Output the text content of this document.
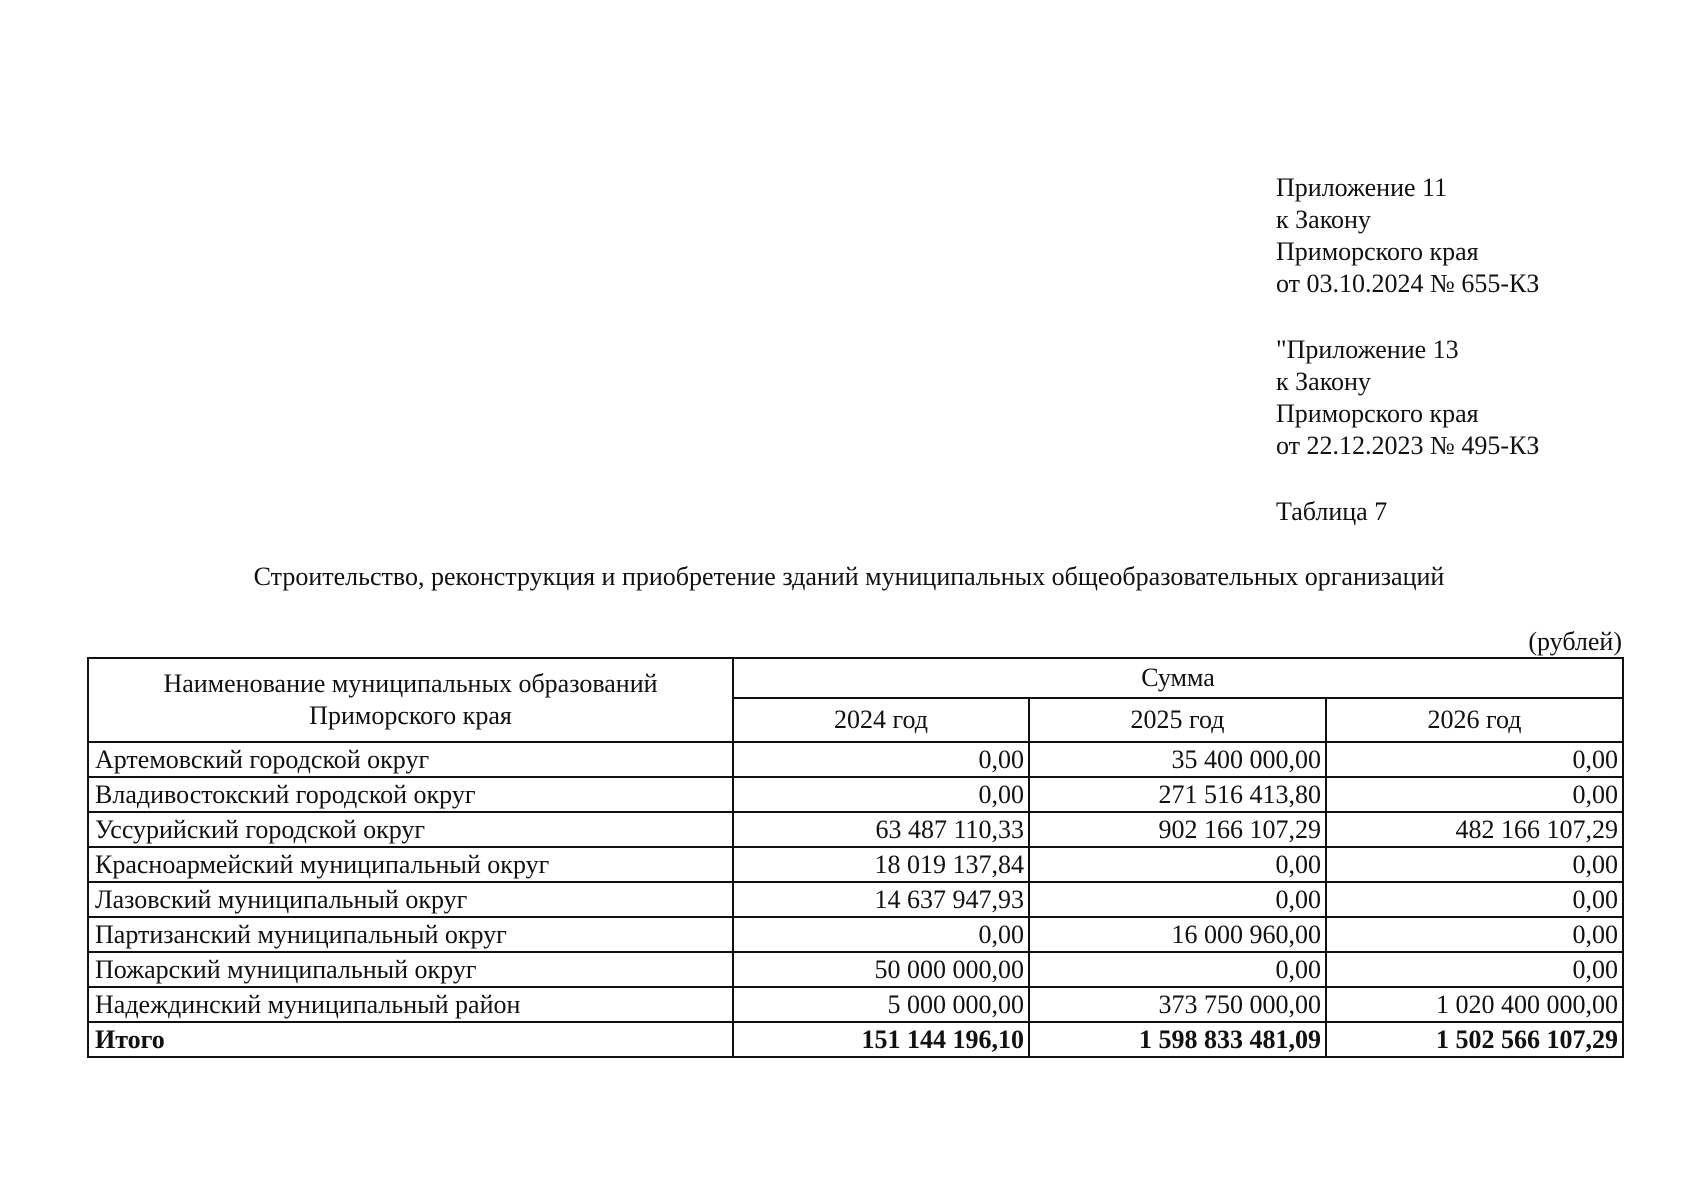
Приложение 11
к Закону
Приморского края
от 03.10.2024 № 655-КЗ
"Приложение 13
к Закону
Приморского края
от 22.12.2023 № 495-КЗ
Таблица 7
Строительство, реконструкция и приобретение зданий муниципальных общеобразовательных организаций
(рублей)
Наименование муниципальных образований Приморского края	Сумма		
	2024 год	2025 год	2026 год
Артемовский городской округ	0,00	35 400 000,00	0,00
Владивостокский городской округ	0,00	271 516 413,80	0,00
Уссурийский городской округ	63 487 110,33	902 166 107,29	482 166 107,29
Красноармейский муниципальный округ	18 019 137,84	0,00	0,00
Лазовский муниципальный округ	14 637 947,93	0,00	0,00
Партизанский муниципальный округ	0,00	16 000 960,00	0,00
Пожарский муниципальный округ	50 000 000,00	0,00	0,00
Надеждинский муниципальный район	5 000 000,00	373 750 000,00	1 020 400 000,00
Итого	151 144 196,10	1 598 833 481,09	1 502 566 107,29
